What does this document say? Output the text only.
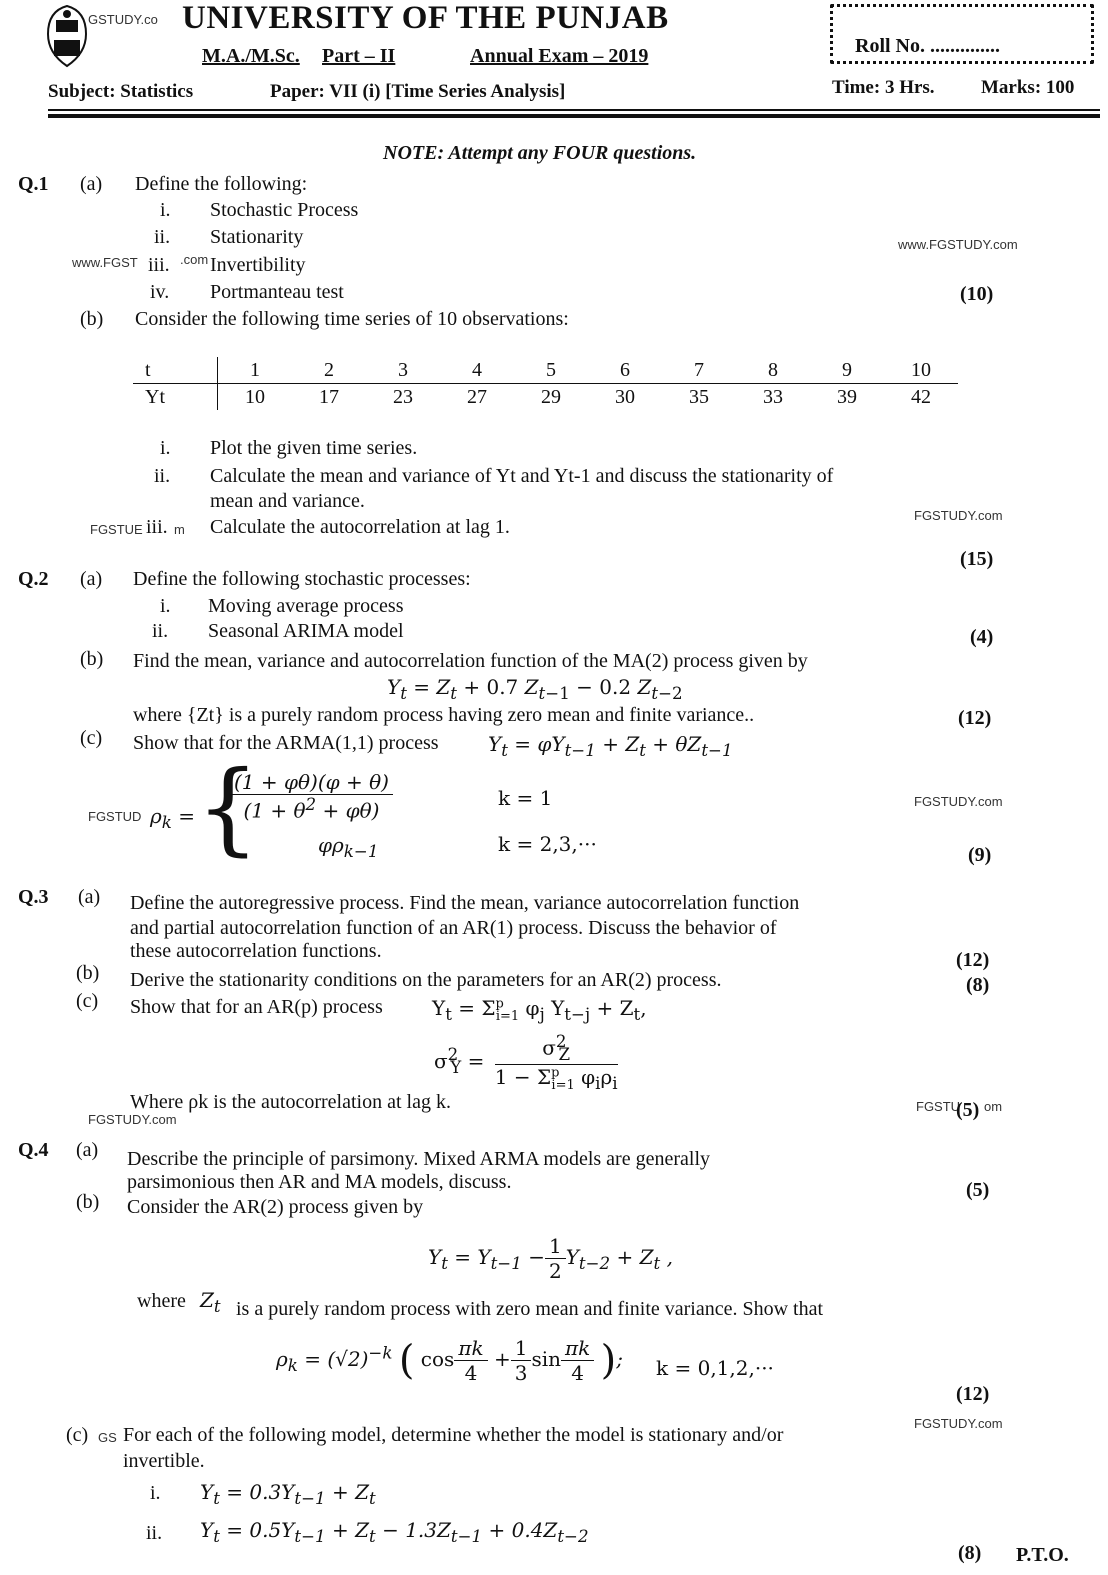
GSTUDY.co UNIVERSITY OF THE PUNJAB
M.A./M.Sc. Part – II	Annual Exam – 2019	Roll No. ..............
Subject: Statistics	Paper: VII (i) [Time Series Analysis]	Time: 3 Hrs. Marks: 100
NOTE: Attempt any FOUR questions.
Q.1 (a) Define the following:
i. Stochastic Process
ii. Stationarity
www.FGST iii. .com Invertibility
iv. Portmanteau test
www.FGSTUDY.com
(10)
(b) Consider the following time series of 10 observations:
t	1	2	3	4	5	6	7	8	9	10
Yt	10	17	23	27	29	30	35	33	39	42
i. Plot the given time series.
ii. Calculate the mean and variance of Yt and Yt-1 and discuss the stationarity of
mean and variance.
FGSTUE iii. m Calculate the autocorrelation at lag 1.
FGSTUDY.com
(15)
Q.2 (a) Define the following stochastic processes:
i. Moving average process
ii. Seasonal ARIMA model	(4)
(b) Find the mean, variance and autocorrelation function of the MA(2) process given by
$Y_t = Z_t + 0.7$ $Z_{t-1} - 0.2$ $Z_{t-2}$
where {Zt} is a purely random process having zero mean and finite variance..	(12)
(c) Show that for the ARMA(1,1) process $Y_t = \varphi Y_{t-1} + Z_t + \theta Z_{t-1}$
FGSTUD $\rho_k$ = {
$\frac{(1 + \varphi\theta)(\varphi + \theta)}{(1 + \theta^2 + \varphi\theta)}$	k = 1
$\varphi\rho_{k-1}$	k = 2,3,···
FGSTUDY.com
(9)
Q.3 (a) Define the autoregressive process. Find the mean, variance autocorrelation function
and partial autocorrelation function of an AR(1) process. Discuss the behavior of
these autocorrelation functions.	(12)
(b) Derive the stationarity conditions on the parameters for an AR(2) process.	(8)
(c) Show that for an AR(p) process $Y_t = \Sigma^p_{i=1}$ $\varphi_j$ $Y_{t-j} + Z_t$,
$\sigma^2_Y = \frac{\sigma^2_Z}{1 - \Sigma^p_{i=1} \varphi_i\rho_i}$
Where ρk is the autocorrelation at lag k.
FGSTUDY.com
FGSTU
(5) om
Q.4 (a) Describe the principle of parsimony. Mixed ARMA models are generally
parsimonious then AR and MA models, discuss.	(5)
(b) Consider the AR(2) process given by
$Y_t = Y_{t-1} - \frac{1}{2} Y_{t-2} + Z_t$ ,
where $Z_t$ is a purely random process with zero mean and finite variance. Show that
$\rho_k = (√2)^{-k}$ ( $\cos \frac{\pi k}{4} + \frac{1}{3}$ $\sin \frac{\pi k}{4}$ ); k = 0,1,2,···
(12)
FGSTUDY.com
(c) GS For each of the following model, determine whether the model is stationary and/or
invertible.
i. $Y_t = 0.3Y_{t-1} + Z_t$
ii. $Y_t = 0.5Y_{t-1} + Z_t - 1.3Z_{t-1} + 0.4Z_{t-2}$
(8) P.T.O.
